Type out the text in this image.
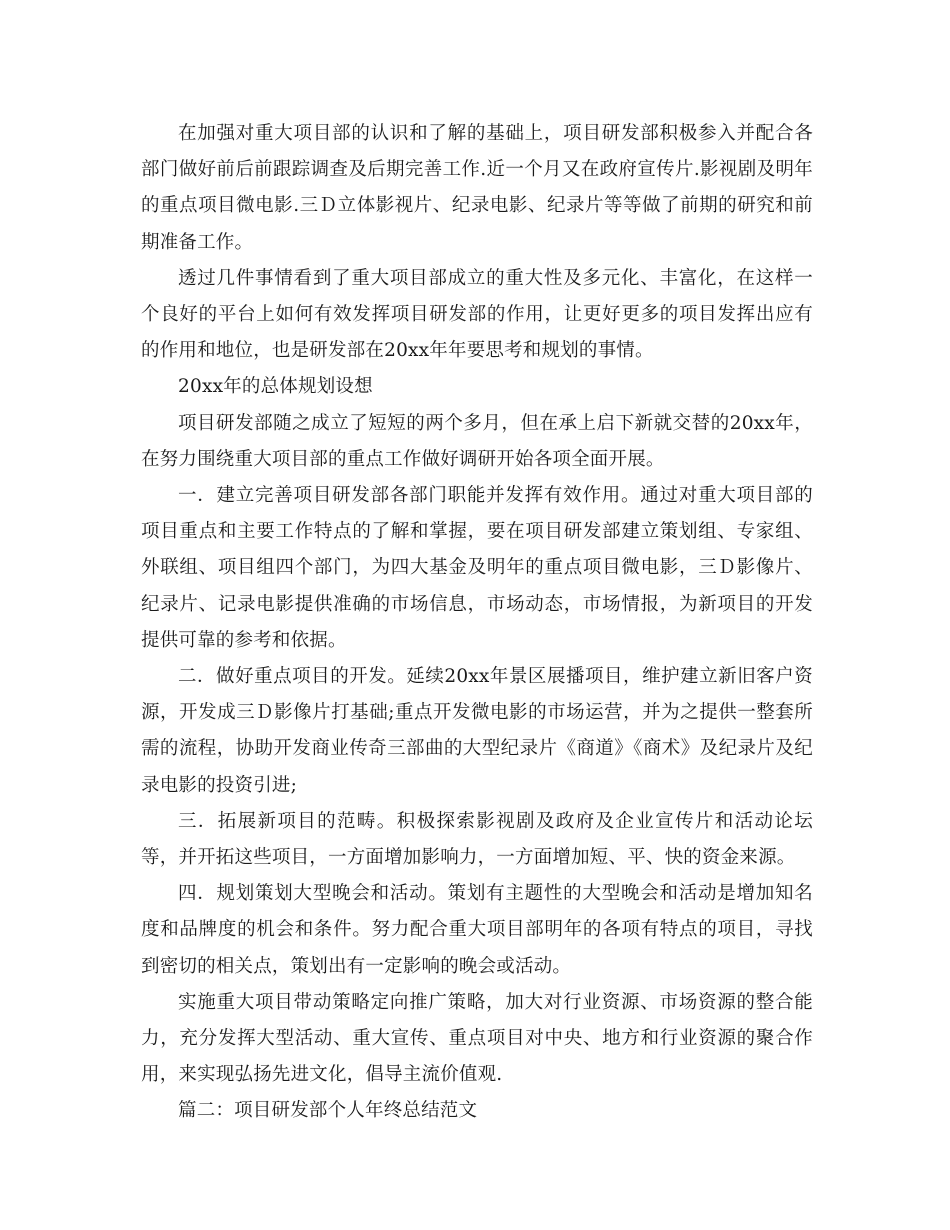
在加强对重大项目部的认识和了解的基础上，项目研发部积极参入并配合各部门做好前后前跟踪调查及后期完善工作.近一个月又在政府宣传片.影视剧及明年的重点项目微电影.三Ｄ立体影视片、纪录电影、纪录片等等做了前期的研究和前期准备工作。

透过几件事情看到了重大项目部成立的重大性及多元化、丰富化，在这样一个良好的平台上如何有效发挥项目研发部的作用，让更好更多的项目发挥出应有的作用和地位，也是研发部在20xx年年要思考和规划的事情。

20xx年的总体规划设想

项目研发部随之成立了短短的两个多月，但在承上启下新就交替的20xx年，在努力围绕重大项目部的重点工作做好调研开始各项全面开展。

一．建立完善项目研发部各部门职能并发挥有效作用。通过对重大项目部的项目重点和主要工作特点的了解和掌握，要在项目研发部建立策划组、专家组、外联组、项目组四个部门，为四大基金及明年的重点项目微电影，三Ｄ影像片、纪录片、记录电影提供准确的市场信息，市场动态，市场情报，为新项目的开发提供可靠的参考和依据。

二．做好重点项目的开发。延续20xx年景区展播项目，维护建立新旧客户资源，开发成三Ｄ影像片打基础;重点开发微电影的市场运营，并为之提供一整套所需的流程，协助开发商业传奇三部曲的大型纪录片《商道》《商术》及纪录片及纪录电影的投资引进;

三．拓展新项目的范畴。积极探索影视剧及政府及企业宣传片和活动论坛等，并开拓这些项目，一方面增加影响力，一方面增加短、平、快的资金来源。

四．规划策划大型晚会和活动。策划有主题性的大型晚会和活动是增加知名度和品牌度的机会和条件。努力配合重大项目部明年的各项有特点的项目，寻找到密切的相关点，策划出有一定影响的晚会或活动。

实施重大项目带动策略定向推广策略，加大对行业资源、市场资源的整合能力，充分发挥大型活动、重大宣传、重点项目对中央、地方和行业资源的聚合作用，来实现弘扬先进文化，倡导主流价值观.

篇二：项目研发部个人年终总结范文
